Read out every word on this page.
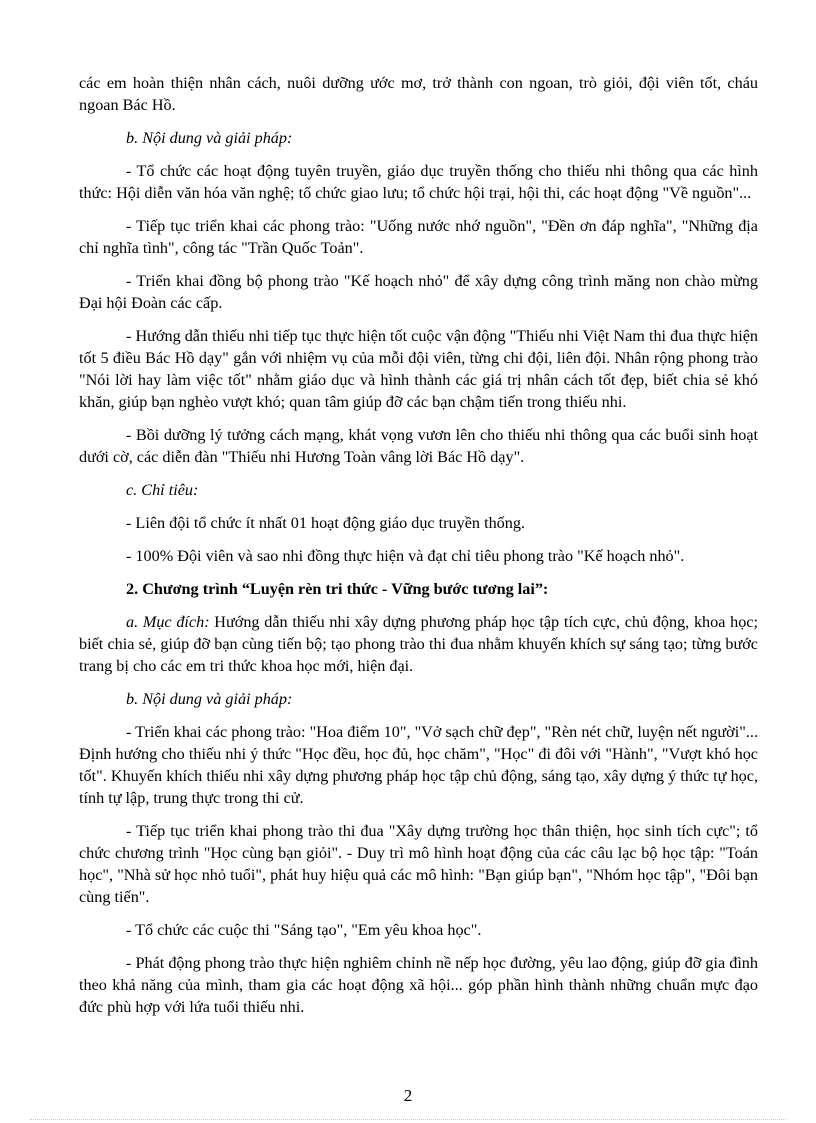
các em hoàn thiện nhân cách, nuôi dưỡng ước mơ, trở thành con ngoan, trò giỏi, đội viên tốt, cháu ngoan Bác Hồ.

b. Nội dung và giải pháp:

- Tổ chức các hoạt động tuyên truyền, giáo dục truyền thống cho thiếu nhi thông qua các hình thức: Hội diễn văn hóa văn nghệ; tổ chức giao lưu; tổ chức hội trại, hội thi, các hoạt động "Về nguồn"...

- Tiếp tục triển khai các phong trào: "Uống nước nhớ nguồn", "Đền ơn đáp nghĩa", "Những địa chỉ nghĩa tình", công tác "Trần Quốc Toản".

- Triển khai đồng bộ phong trào "Kế hoạch nhỏ" để xây dựng công trình măng non chào mừng Đại hội Đoàn các cấp.

- Hướng dẫn thiếu nhi tiếp tục thực hiện tốt cuộc vận động "Thiếu nhi Việt Nam thi đua thực hiện tốt 5 điều Bác Hồ dạy" gắn với nhiệm vụ của mỗi đội viên, từng chi đội, liên đội. Nhân rộng phong trào "Nói lời hay làm việc tốt" nhằm giáo dục và hình thành các giá trị nhân cách tốt đẹp, biết chia sẻ khó khăn, giúp bạn nghèo vượt khó; quan tâm giúp đỡ các bạn chậm tiến trong thiếu nhi.

- Bồi dưỡng lý tưởng cách mạng, khát vọng vươn lên cho thiếu nhi thông qua các buổi sinh hoạt dưới cờ, các diễn đàn "Thiếu nhi Hương Toàn vâng lời Bác Hồ dạy".

c. Chỉ tiêu:

- Liên đội tổ chức ít nhất 01 hoạt động giáo dục truyền thống.

- 100% Đội viên và sao nhi đồng thực hiện và đạt chỉ tiêu phong trào "Kế hoạch nhỏ".

2. Chương trình “Luyện rèn tri thức - Vững bước tương lai”:

a. Mục đích: Hướng dẫn thiếu nhi xây dựng phương pháp học tập tích cực, chủ động, khoa học; biết chia sẻ, giúp đỡ bạn cùng tiến bộ; tạo phong trào thi đua nhằm khuyến khích sự sáng tạo; từng bước trang bị cho các em tri thức khoa học mới, hiện đại.

b. Nội dung và giải pháp:

- Triển khai các phong trào: "Hoa điểm 10", "Vở sạch chữ đẹp", "Rèn nét chữ, luyện nết người"... Định hướng cho thiếu nhi ý thức "Học đều, học đủ, học chăm", "Học" đi đôi với "Hành", "Vượt khó học tốt". Khuyến khích thiếu nhi xây dựng phương pháp học tập chủ động, sáng tạo, xây dựng ý thức tự học, tính tự lập, trung thực trong thi cử.

- Tiếp tục triển khai phong trào thi đua "Xây dựng trường học thân thiện, học sinh tích cực"; tổ chức chương trình "Học cùng bạn giỏi". - Duy trì mô hình hoạt động của các câu lạc bộ học tập: "Toán học", "Nhà sử học nhỏ tuổi", phát huy hiệu quả các mô hình: "Bạn giúp bạn", "Nhóm học tập", "Đôi bạn cùng tiến".

- Tổ chức các cuộc thi "Sáng tạo", "Em yêu khoa học".

- Phát động phong trào thực hiện nghiêm chỉnh nề nếp học đường, yêu lao động, giúp đỡ gia đình theo khả năng của mình, tham gia các hoạt động xã hội... góp phần hình thành những chuẩn mực đạo đức phù hợp với lứa tuổi thiếu nhi.

2
